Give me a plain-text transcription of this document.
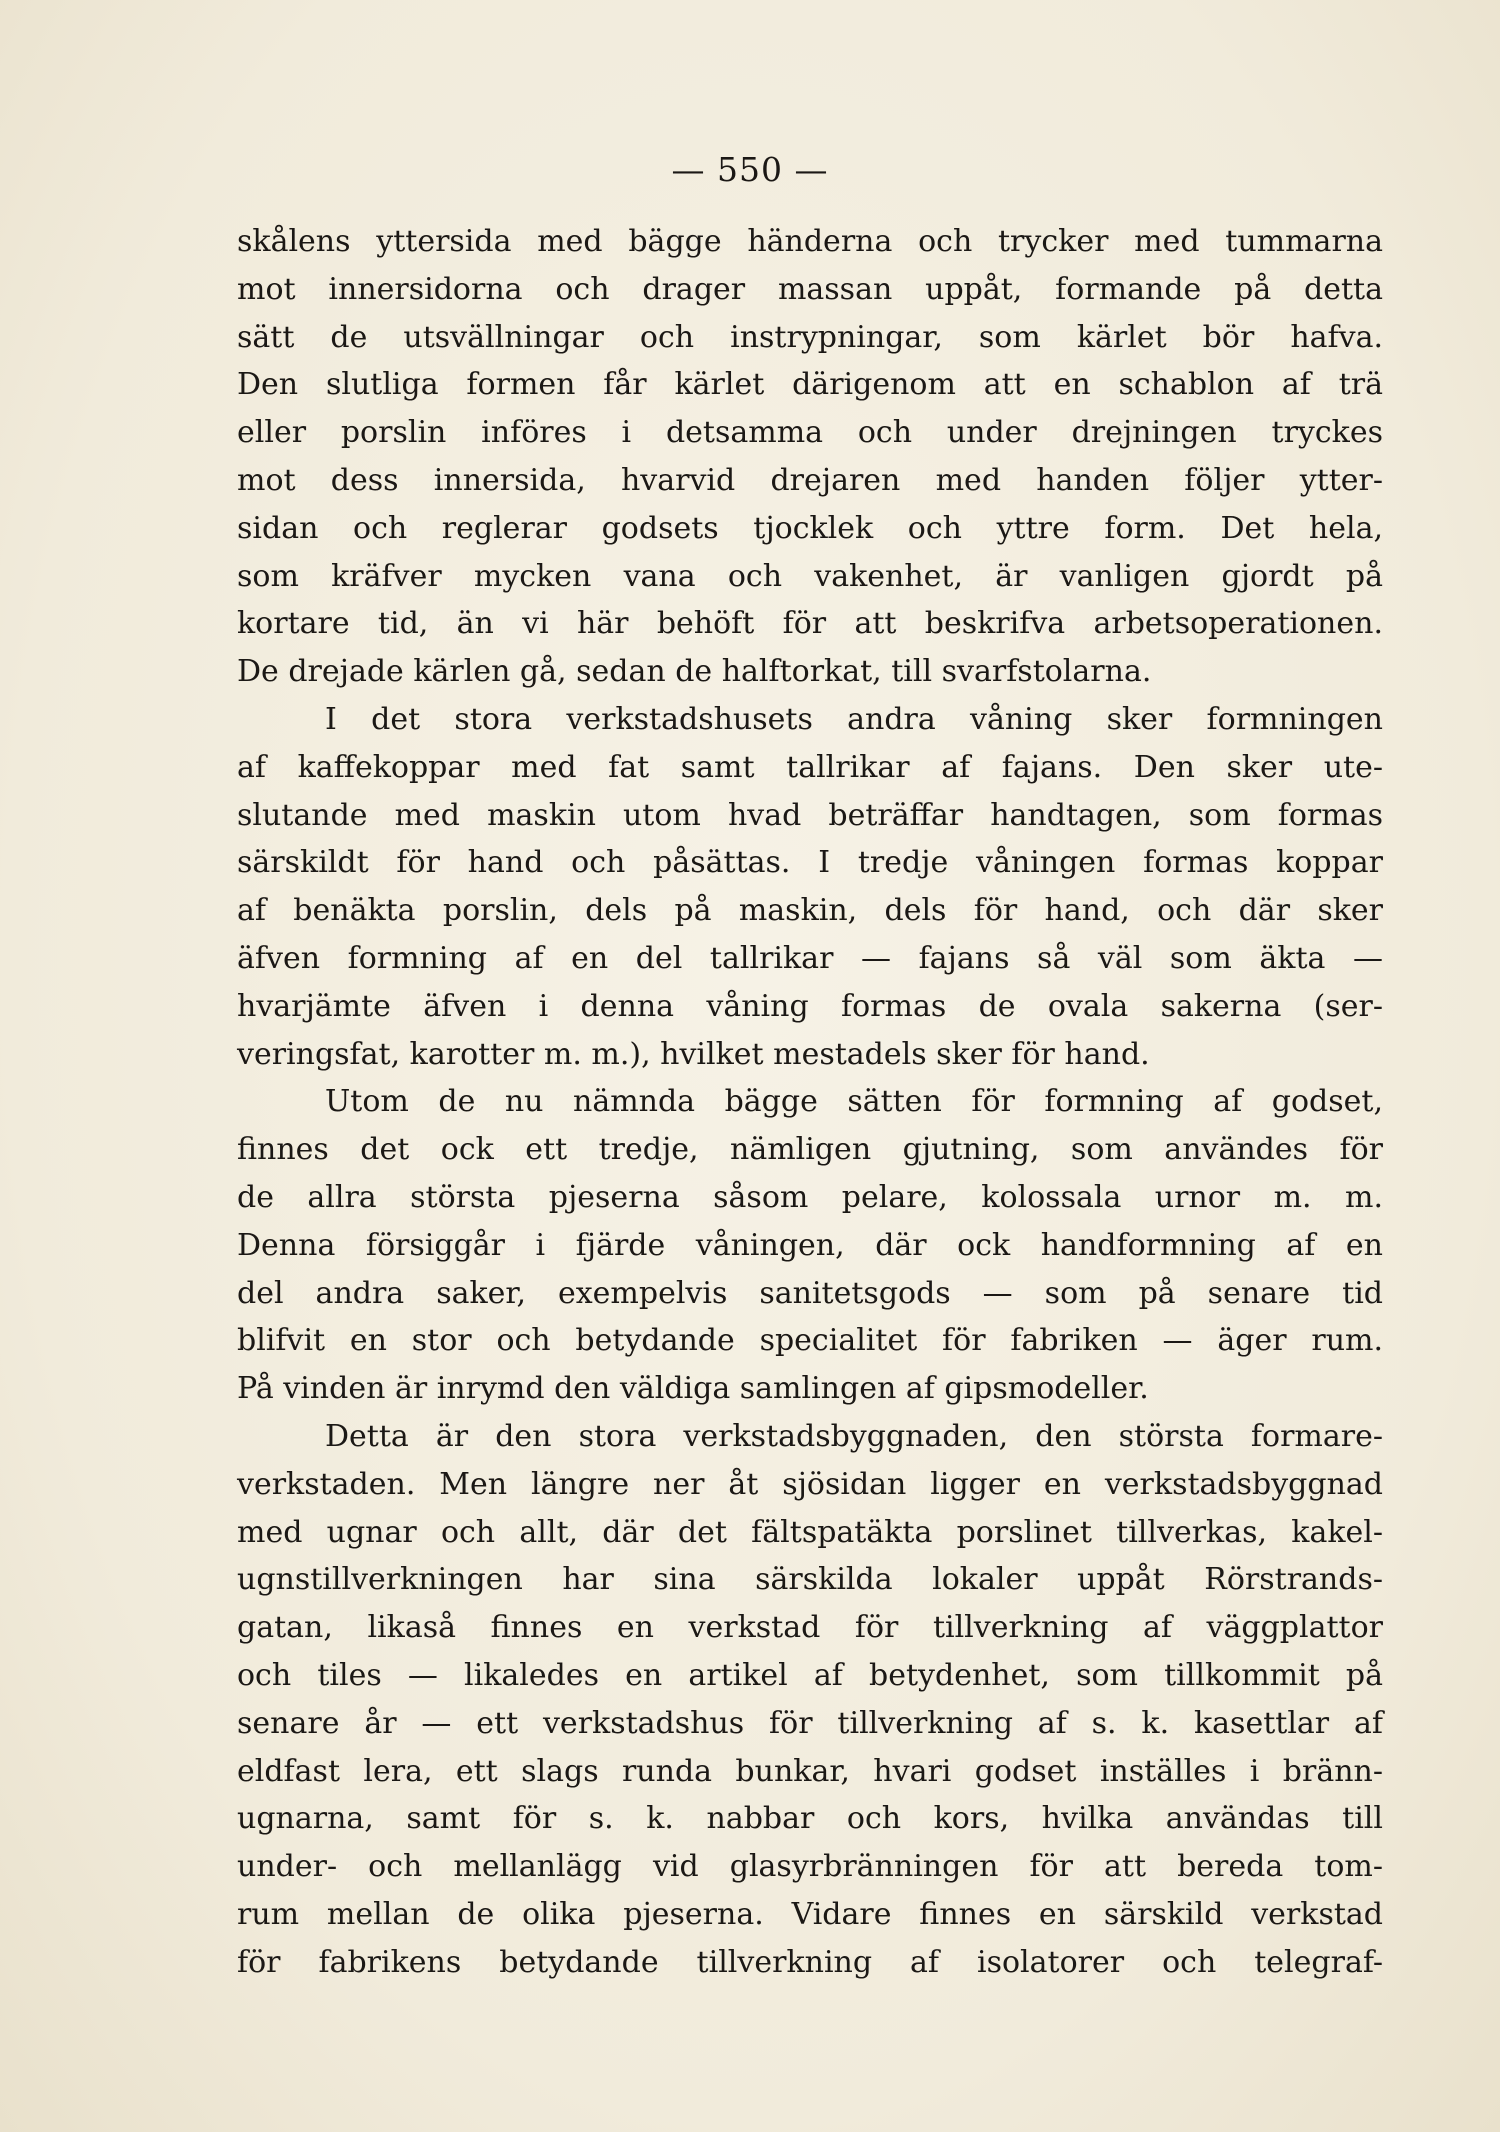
— 550 —
skålens yttersida med bägge händerna och trycker med tummarna
mot innersidorna och drager massan uppåt, formande på detta
sätt de utsvällningar och instrypningar, som kärlet bör hafva.
Den slutliga formen får kärlet därigenom att en schablon af trä
eller porslin införes i detsamma och under drejningen tryckes
mot dess innersida, hvarvid drejaren med handen följer ytter-
sidan och reglerar godsets tjocklek och yttre form. Det hela,
som kräfver mycken vana och vakenhet, är vanligen gjordt på
kortare tid, än vi här behöft för att beskrifva arbetsoperationen.
De drejade kärlen gå, sedan de halftorkat, till svarfstolarna.
I det stora verkstadshusets andra våning sker formningen
af kaffekoppar med fat samt tallrikar af fajans. Den sker ute-
slutande med maskin utom hvad beträffar handtagen, som formas
särskildt för hand och påsättas. I tredje våningen formas koppar
af benäkta porslin, dels på maskin, dels för hand, och där sker
äfven formning af en del tallrikar — fajans så väl som äkta —
hvarjämte äfven i denna våning formas de ovala sakerna (ser-
veringsfat, karotter m. m.), hvilket mestadels sker för hand.
Utom de nu nämnda bägge sätten för formning af godset,
finnes det ock ett tredje, nämligen gjutning, som användes för
de allra största pjeserna såsom pelare, kolossala urnor m. m.
Denna försiggår i fjärde våningen, där ock handformning af en
del andra saker, exempelvis sanitetsgods — som på senare tid
blifvit en stor och betydande specialitet för fabriken — äger rum.
På vinden är inrymd den väldiga samlingen af gipsmodeller.
Detta är den stora verkstadsbyggnaden, den största formare-
verkstaden. Men längre ner åt sjösidan ligger en verkstadsbyggnad
med ugnar och allt, där det fältspatäkta porslinet tillverkas, kakel-
ugnstillverkningen har sina särskilda lokaler uppåt Rörstrands-
gatan, likaså finnes en verkstad för tillverkning af väggplattor
och tiles — likaledes en artikel af betydenhet, som tillkommit på
senare år — ett verkstadshus för tillverkning af s. k. kasettlar af
eldfast lera, ett slags runda bunkar, hvari godset inställes i bränn-
ugnarna, samt för s. k. nabbar och kors, hvilka användas till
under- och mellanlägg vid glasyrbränningen för att bereda tom-
rum mellan de olika pjeserna. Vidare finnes en särskild verkstad
för fabrikens betydande tillverkning af isolatorer och telegraf-
